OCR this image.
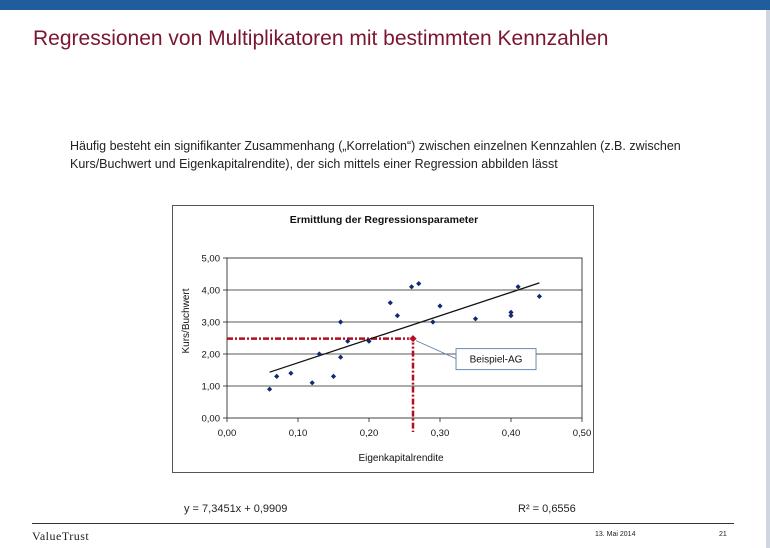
Regressionen von Multiplikatoren mit bestimmten Kennzahlen
Häufig besteht ein signifikanter Zusammenhang („Korrelation“) zwischen einzelnen Kennzahlen (z.B. zwischen Kurs/Buchwert und Eigenkapitalrendite), der sich mittels einer Regression abbilden lässt
Ermittlung der Regressionsparameter
Eigenkapitalrendite
Kurs/Buchwert
0,00
1,00
2,00
3,00
4,00
5,00
0,00	0,10	0,20	0,30	0,40	0,50
Beispiel-AG
y = 7,3451x + 0,9909	R² = 0,6556
ValueTrust	13. Mai 2014	21
